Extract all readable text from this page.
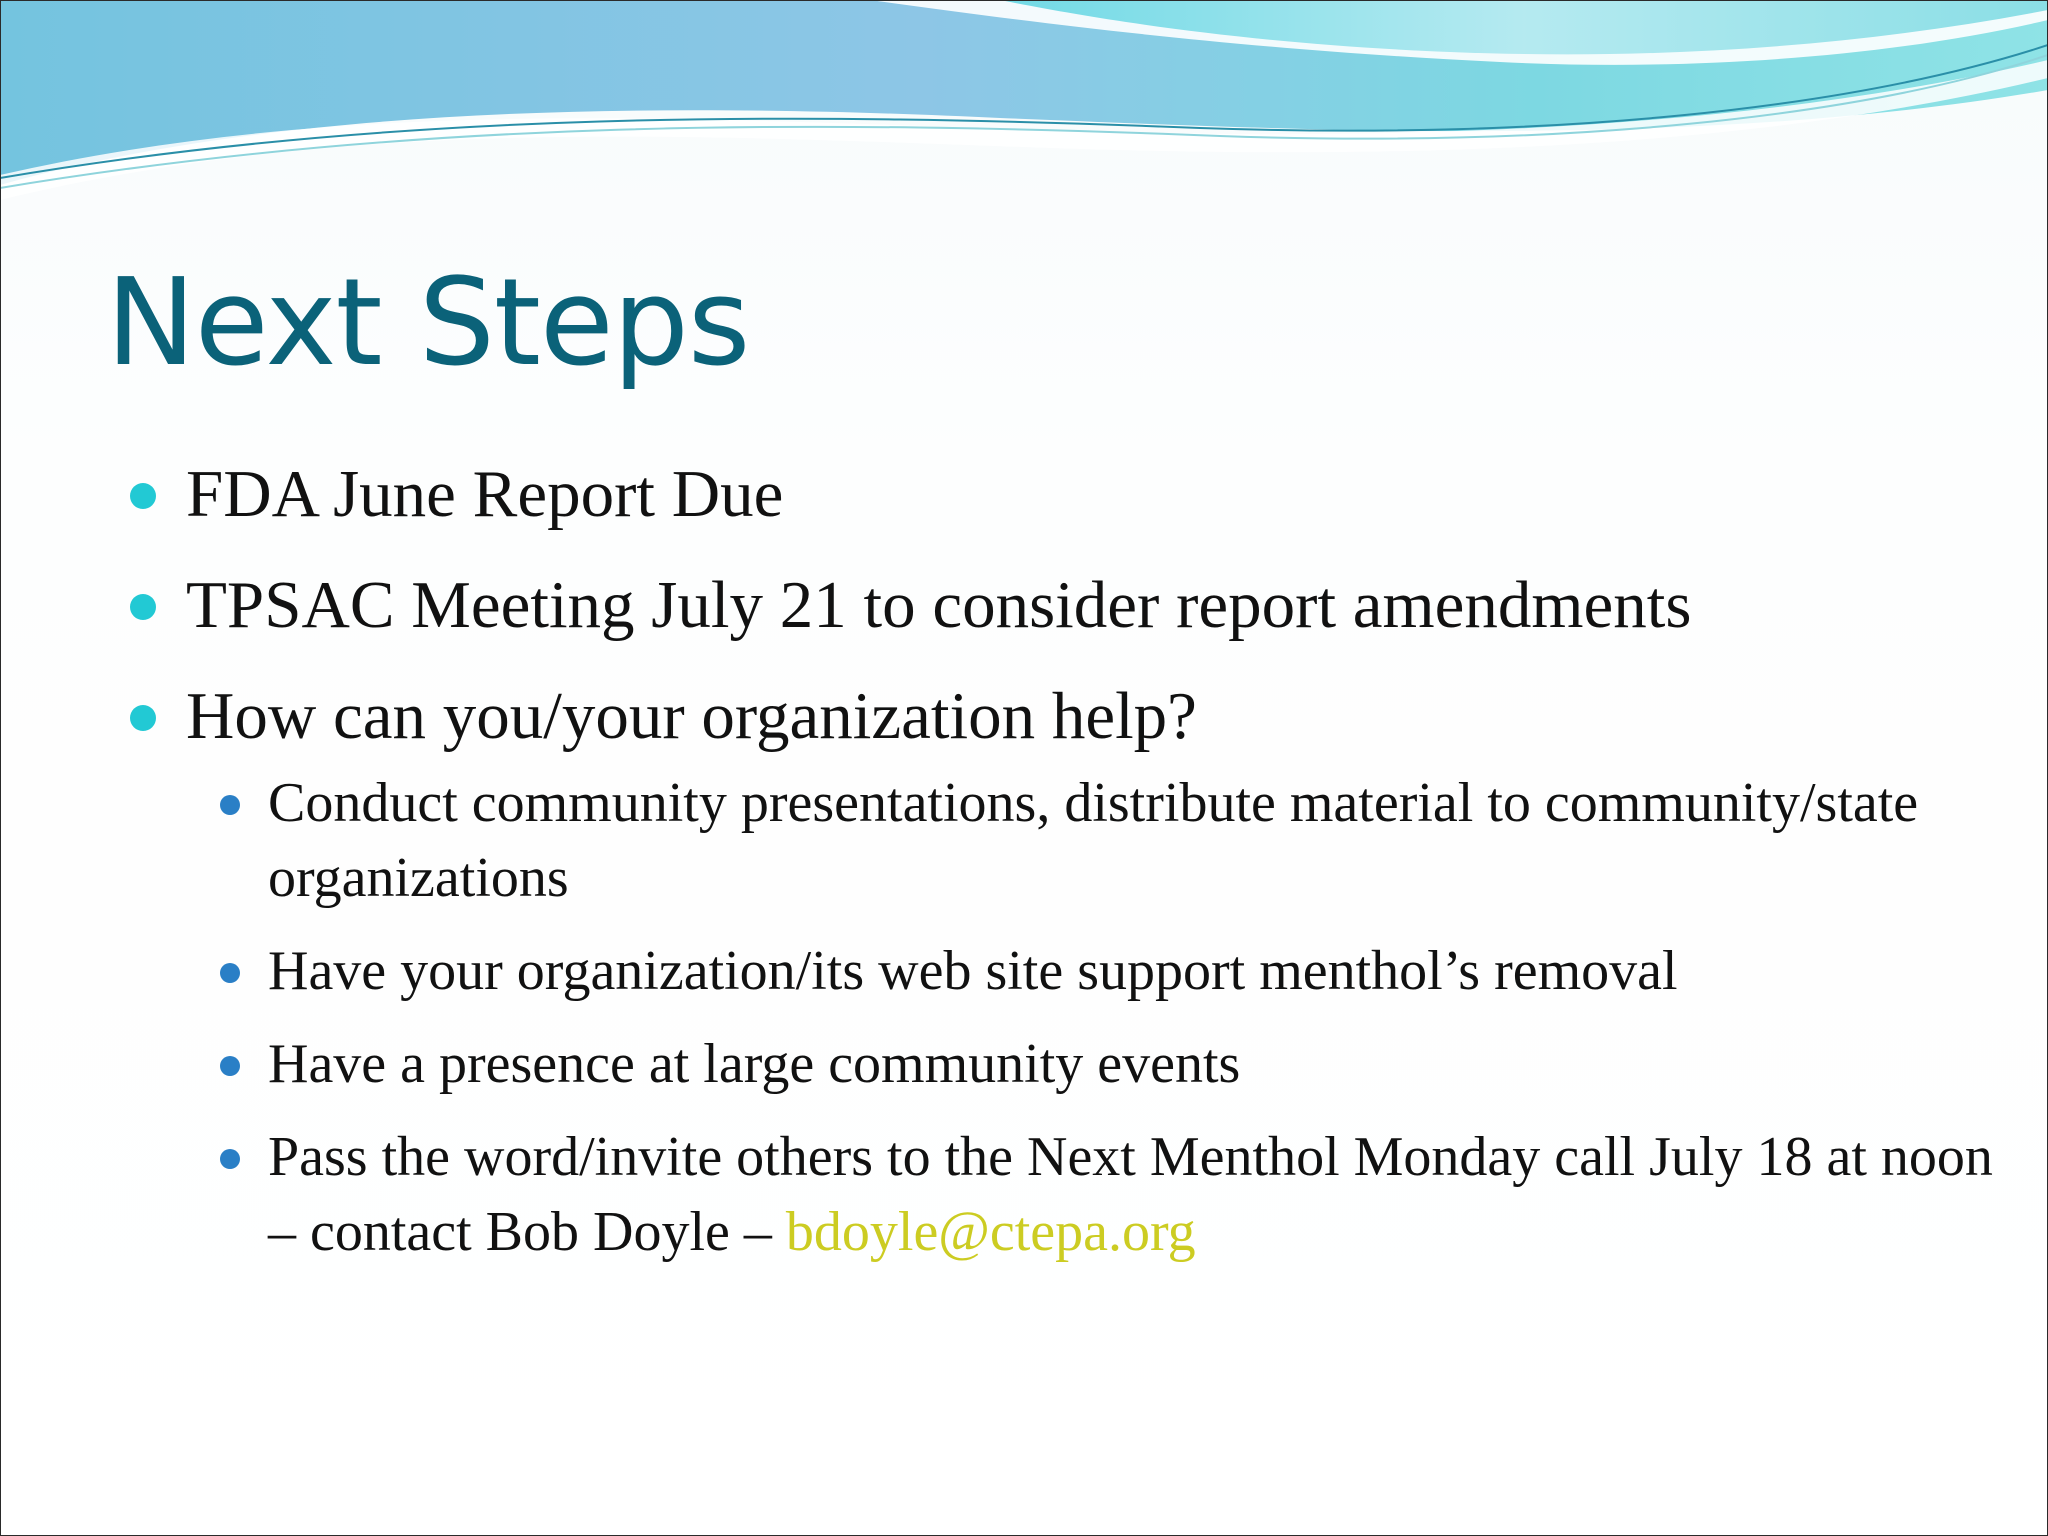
Next Steps
FDA June Report Due
TPSAC Meeting July 21 to consider report amendments
How can you/your organization help?
Conduct community presentations, distribute material to community/state organizations
Have your organization/its web site support menthol’s removal
Have a presence at large community events
Pass the word/invite others to the Next Menthol Monday call July 18 at noon – contact Bob Doyle – bdoyle@ctepa.org
